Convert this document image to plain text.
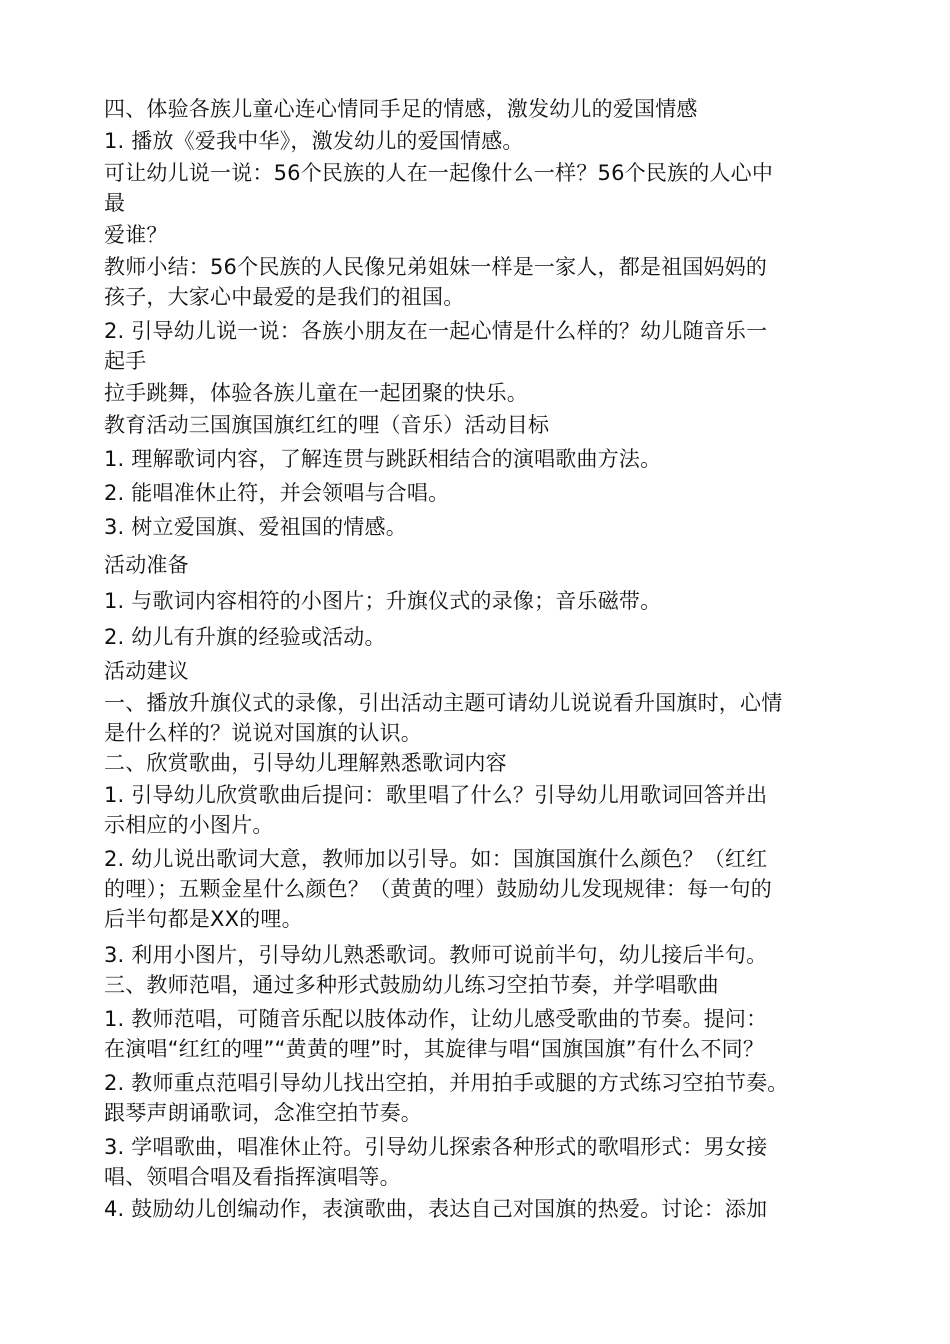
四、体验各族儿童心连心情同手足的情感，激发幼儿的爱国情感
1. 播放《爱我中华》，激发幼儿的爱国情感。
可让幼儿说一说：56个民族的人在一起像什么一样？56个民族的人心中
最
爱谁？
教师小结：56个民族的人民像兄弟姐妹一样是一家人，都是祖国妈妈的
孩子，大家心中最爱的是我们的祖国。
2. 引导幼儿说一说：各族小朋友在一起心情是什么样的？幼儿随音乐一
起手
拉手跳舞，体验各族儿童在一起团聚的快乐。
教育活动三国旗国旗红红的哩（音乐）活动目标
1. 理解歌词内容，了解连贯与跳跃相结合的演唱歌曲方法。
2. 能唱准休止符，并会领唱与合唱。
3. 树立爱国旗、爱祖国的情感。
活动准备
1. 与歌词内容相符的小图片；升旗仪式的录像；音乐磁带。
2. 幼儿有升旗的经验或活动。
活动建议
一、播放升旗仪式的录像，引出活动主题可请幼儿说说看升国旗时，心情
是什么样的？说说对国旗的认识。
二、欣赏歌曲，引导幼儿理解熟悉歌词内容
1. 引导幼儿欣赏歌曲后提问：歌里唱了什么？引导幼儿用歌词回答并出
示相应的小图片。
2. 幼儿说出歌词大意，教师加以引导。如：国旗国旗什么颜色？（红红
的哩）；五颗金星什么颜色？（黄黄的哩）鼓励幼儿发现规律：每一句的
后半句都是XX的哩。
3. 利用小图片，引导幼儿熟悉歌词。教师可说前半句，幼儿接后半句。
三、教师范唱，通过多种形式鼓励幼儿练习空拍节奏，并学唱歌曲
1. 教师范唱，可随音乐配以肢体动作，让幼儿感受歌曲的节奏。提问：
在演唱“红红的哩”“黄黄的哩”时，其旋律与唱“国旗国旗”有什么不同？
2. 教师重点范唱引导幼儿找出空拍，并用拍手或腿的方式练习空拍节奏。
跟琴声朗诵歌词，念准空拍节奏。
3. 学唱歌曲，唱准休止符。引导幼儿探索各种形式的歌唱形式：男女接
唱、领唱合唱及看指挥演唱等。
4. 鼓励幼儿创编动作，表演歌曲，表达自己对国旗的热爱。讨论：添加
